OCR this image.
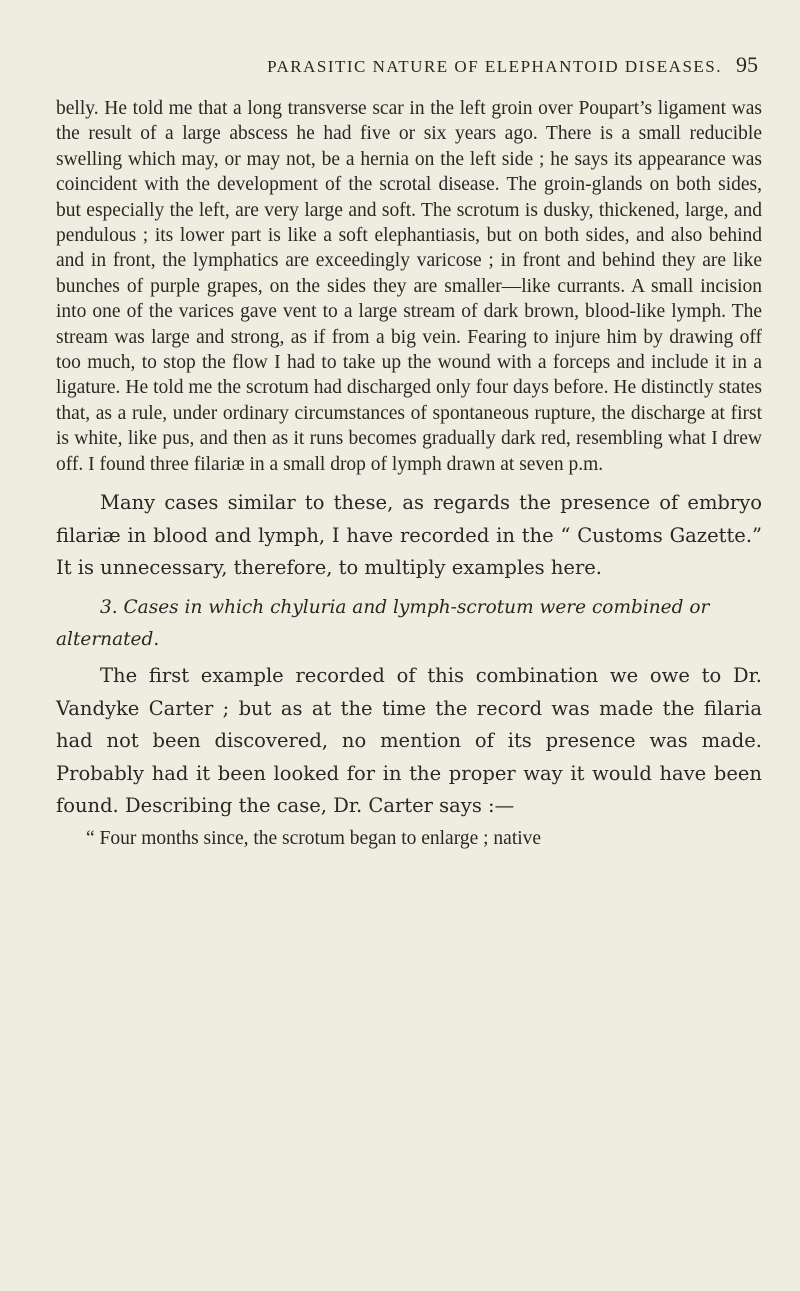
PARASITIC NATURE OF ELEPHANTOID DISEASES. 95

belly. He told me that a long transverse scar in the left groin over Poupart’s ligament was the result of a large abscess he had five or six years ago. There is a small reducible swelling which may, or may not, be a hernia on the left side ; he says its appearance was coincident with the development of the scrotal disease. The groin-glands on both sides, but especially the left, are very large and soft. The scrotum is dusky, thickened, large, and pendulous ; its lower part is like a soft elephantiasis, but on both sides, and also behind and in front, the lymphatics are exceedingly varicose ; in front and behind they are like bunches of purple grapes, on the sides they are smaller—like currants. A small incision into one of the varices gave vent to a large stream of dark brown, blood-like lymph. The stream was large and strong, as if from a big vein. Fearing to injure him by drawing off too much, to stop the flow I had to take up the wound with a forceps and include it in a ligature. He told me the scrotum had discharged only four days before. He distinctly states that, as a rule, under ordinary circumstances of spontaneous rupture, the discharge at first is white, like pus, and then as it runs becomes gradually dark red, resembling what I drew off. I found three filariæ in a small drop of lymph drawn at seven p.m.

Many cases similar to these, as regards the presence of embryo filariæ in blood and lymph, I have recorded in the “ Customs Gazette.” It is unnecessary, therefore, to multiply examples here.

3. Cases in which chyluria and lymph-scrotum were combined or alternated.

The first example recorded of this combination we owe to Dr. Vandyke Carter ; but as at the time the record was made the filaria had not been discovered, no mention of its presence was made. Probably had it been looked for in the proper way it would have been found. Describing the case, Dr. Carter says :—

“ Four months since, the scrotum began to enlarge ; native
